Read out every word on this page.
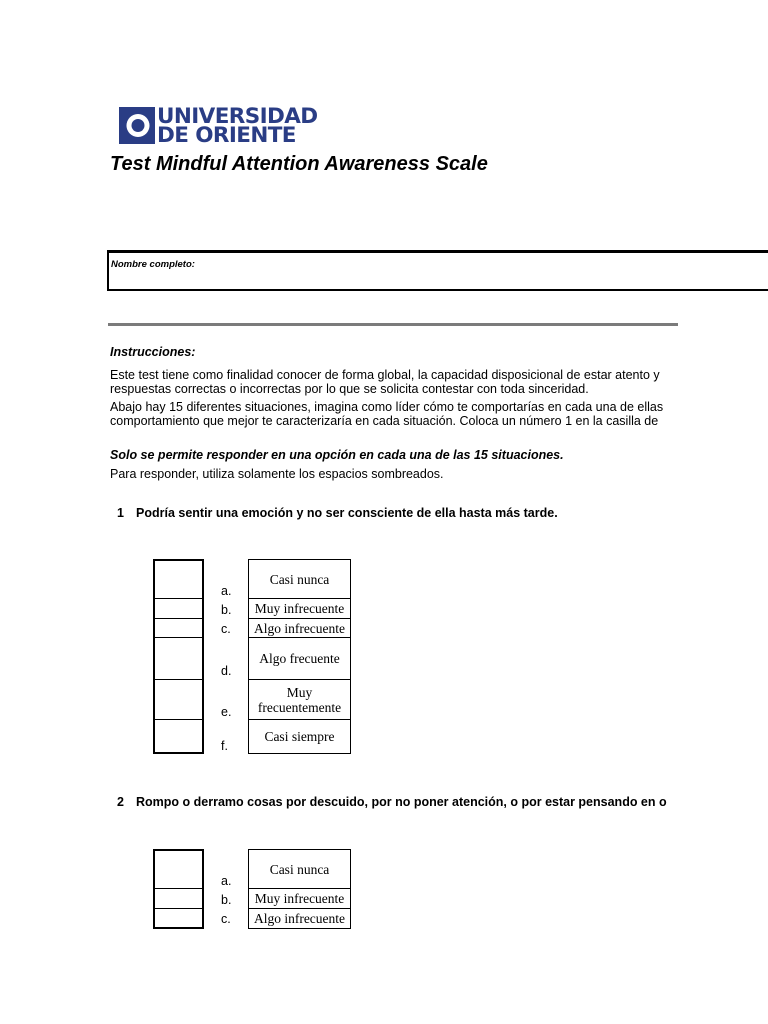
UNIVERSIDAD
DE ORIENTE
Test Mindful Attention Awareness Scale
Nombre completo:
Instrucciones:
Este test tiene como finalidad conocer de forma global, la capacidad disposicional de estar atento y
respuestas correctas o incorrectas por lo que se solicita contestar con toda sinceridad.
Abajo hay 15 diferentes situaciones, imagina como líder cómo te comportarías en cada una de ellas
comportamiento que mejor te caracterizaría en cada situación. Coloca un número 1 en la casilla de
Solo se permite responder en una opción en cada una de las 15 situaciones.
Para responder, utiliza solamente los espacios sombreados.
1 Podría sentir una emoción y no ser consciente de ella hasta más tarde.
a.
b.
c.
d.
e.
f.
Casi nunca
Muy infrecuente
Algo infrecuente
Algo frecuente
Muy frecuentemente
Casi siempre
2 Rompo o derramo cosas por descuido, por no poner atención, o por estar pensando en o
a.
b.
c.
Casi nunca
Muy infrecuente
Algo infrecuente
